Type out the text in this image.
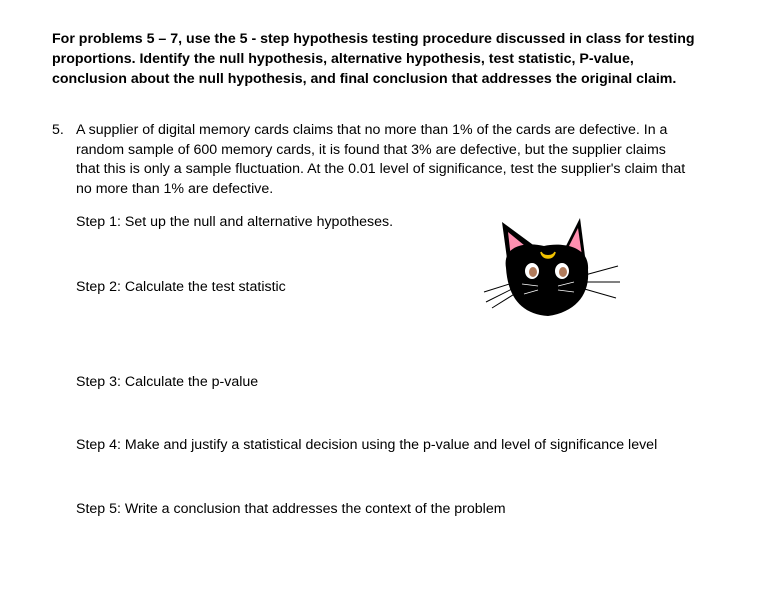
For problems 5 – 7, use the 5 - step hypothesis testing procedure discussed in class for testing proportions. Identify the null hypothesis, alternative hypothesis, test statistic, P-value, conclusion about the null hypothesis, and final conclusion that addresses the original claim.

5. A supplier of digital memory cards claims that no more than 1% of the cards are defective. In a random sample of 600 memory cards, it is found that 3% are defective, but the supplier claims that this is only a sample fluctuation. At the 0.01 level of significance, test the supplier's claim that no more than 1% are defective.

Step 1: Set up the null and alternative hypotheses.

Step 2: Calculate the test statistic

Step 3: Calculate the p-value

Step 4: Make and justify a statistical decision using the p-value and level of significance level

Step 5: Write a conclusion that addresses the context of the problem
